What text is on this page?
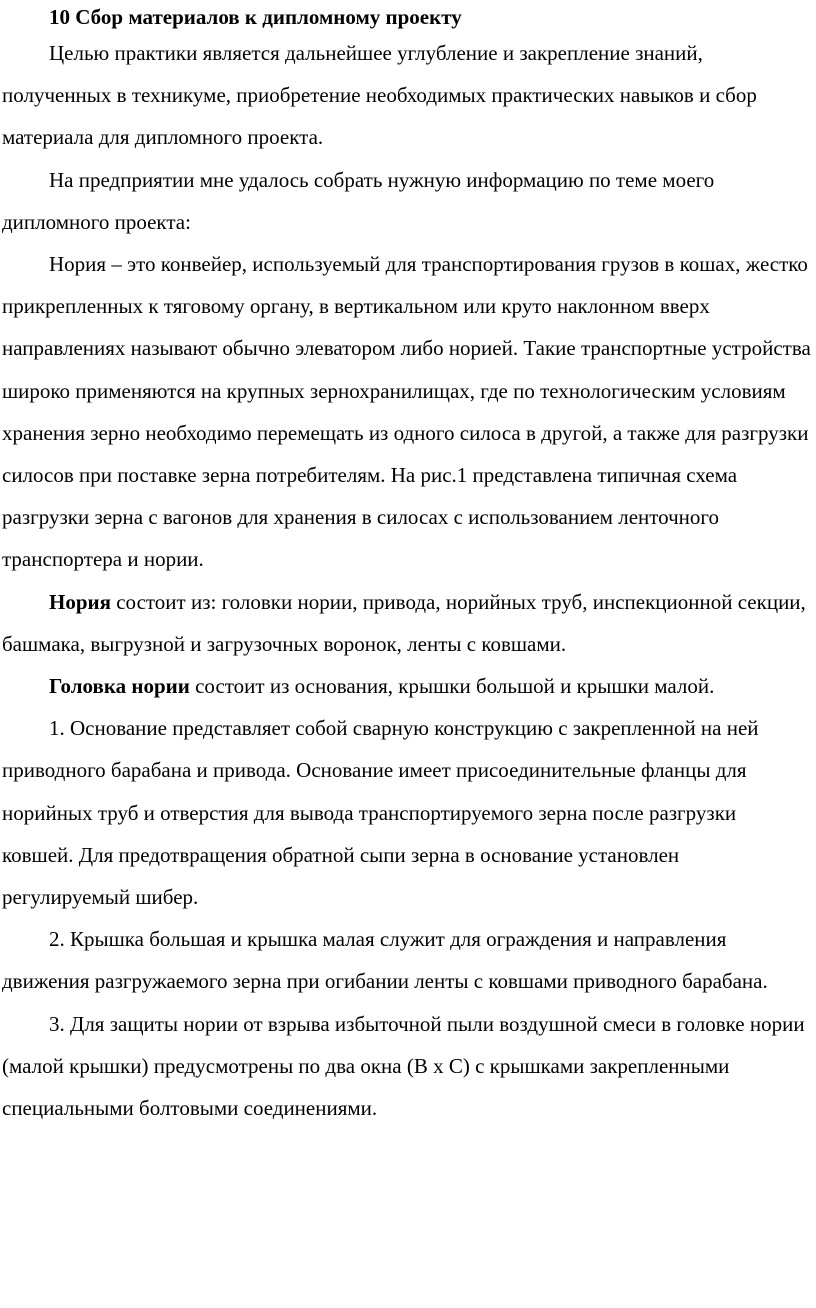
10 Сбор материалов к дипломному проекту

Целью практики является дальнейшее углубление и закрепление знаний, полученных в техникуме, приобретение необходимых практических навыков и сбор материала для дипломного проекта.

На предприятии мне удалось собрать нужную информацию по теме моего дипломного проекта:

Нория – это конвейер, используемый для транспортирования грузов в кошах, жестко прикрепленных к тяговому органу, в вертикальном или круто наклонном вверх направлениях называют обычно элеватором либо норией. Такие транспортные устройства широко применяются на крупных зернохранилищах, где по технологическим условиям хранения зерно необходимо перемещать из одного силоса в другой, а также для разгрузки силосов при поставке зерна потребителям. На рис.1 представлена типичная схема разгрузки зерна с вагонов для хранения в силосах с использованием ленточного транспортера и нории.

Нория состоит из: головки нории, привода, норийных труб, инспекционной секции, башмака, выгрузной и загрузочных воронок, ленты с ковшами.

Головка нории состоит из основания, крышки большой и крышки малой.

1. Основание представляет собой сварную конструкцию с закрепленной на ней приводного барабана и привода. Основание имеет присоединительные фланцы для норийных труб и отверстия для вывода транспортируемого зерна после разгрузки ковшей. Для предотвращения обратной сыпи зерна в основание установлен регулируемый шибер.

2. Крышка большая и крышка малая служит для ограждения и направления движения разгружаемого зерна при огибании ленты с ковшами приводного барабана.

3. Для защиты нории от взрыва избыточной пыли воздушной смеси в головке нории (малой крышки) предусмотрены по два окна (В х С) с крышками закрепленными специальными болтовыми соединениями.
